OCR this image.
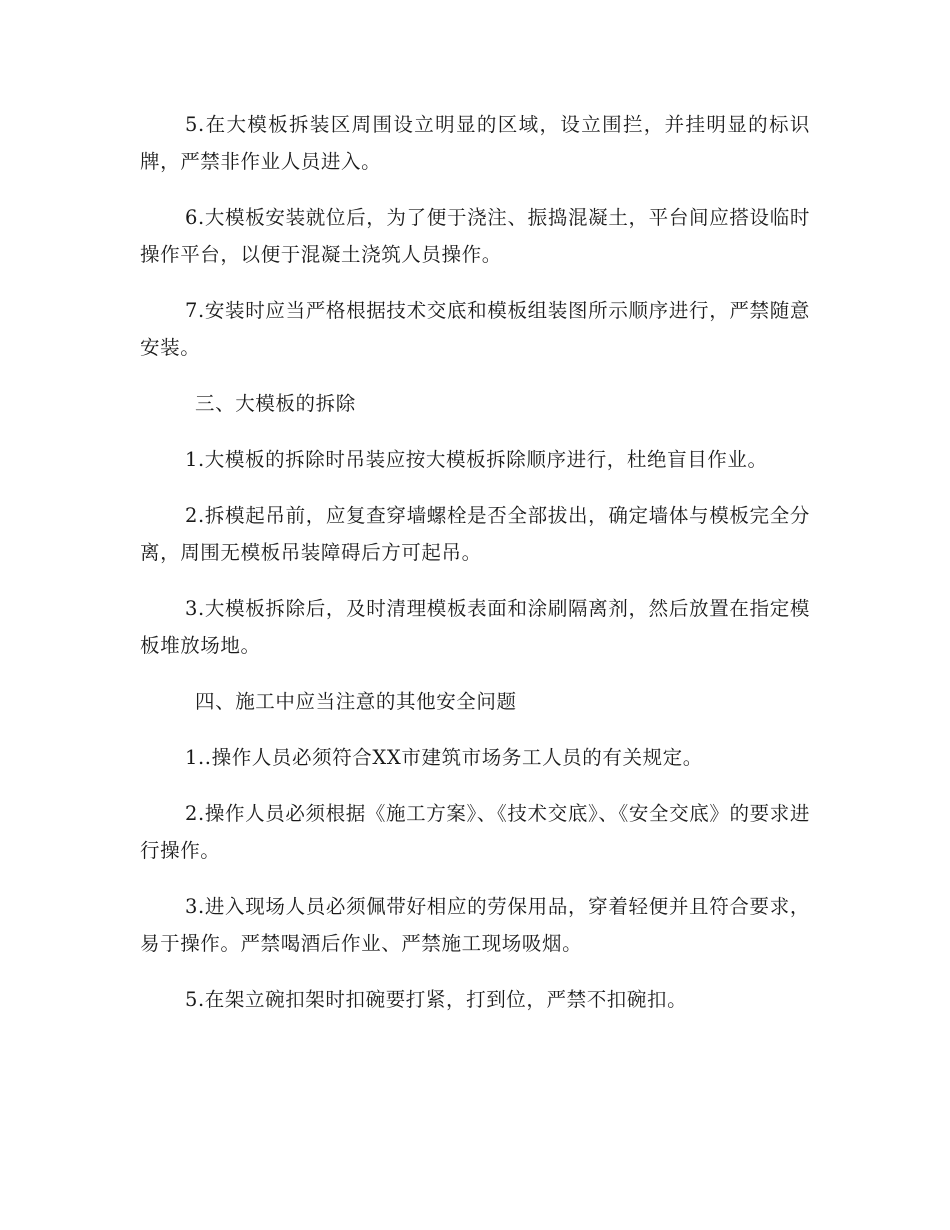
5.在大模板拆装区周围设立明显的区域，设立围拦，并挂明显的标识牌，严禁非作业人员进入。

6.大模板安装就位后，为了便于浇注、振捣混凝土，平台间应搭设临时操作平台，以便于混凝土浇筑人员操作。

7.安装时应当严格根据技术交底和模板组装图所示顺序进行，严禁随意安装。

三、大模板的拆除

1.大模板的拆除时吊装应按大模板拆除顺序进行，杜绝盲目作业。

2.拆模起吊前，应复查穿墙螺栓是否全部拔出，确定墙体与模板完全分离，周围无模板吊装障碍后方可起吊。

3.大模板拆除后，及时清理模板表面和涂刷隔离剂，然后放置在指定模板堆放场地。

四、施工中应当注意的其他安全问题

1..操作人员必须符合XX市建筑市场务工人员的有关规定。

2.操作人员必须根据《施工方案》、《技术交底》、《安全交底》的要求进行操作。

3.进入现场人员必须佩带好相应的劳保用品，穿着轻便并且符合要求，易于操作。严禁喝酒后作业、严禁施工现场吸烟。

5.在架立碗扣架时扣碗要打紧，打到位，严禁不扣碗扣。
